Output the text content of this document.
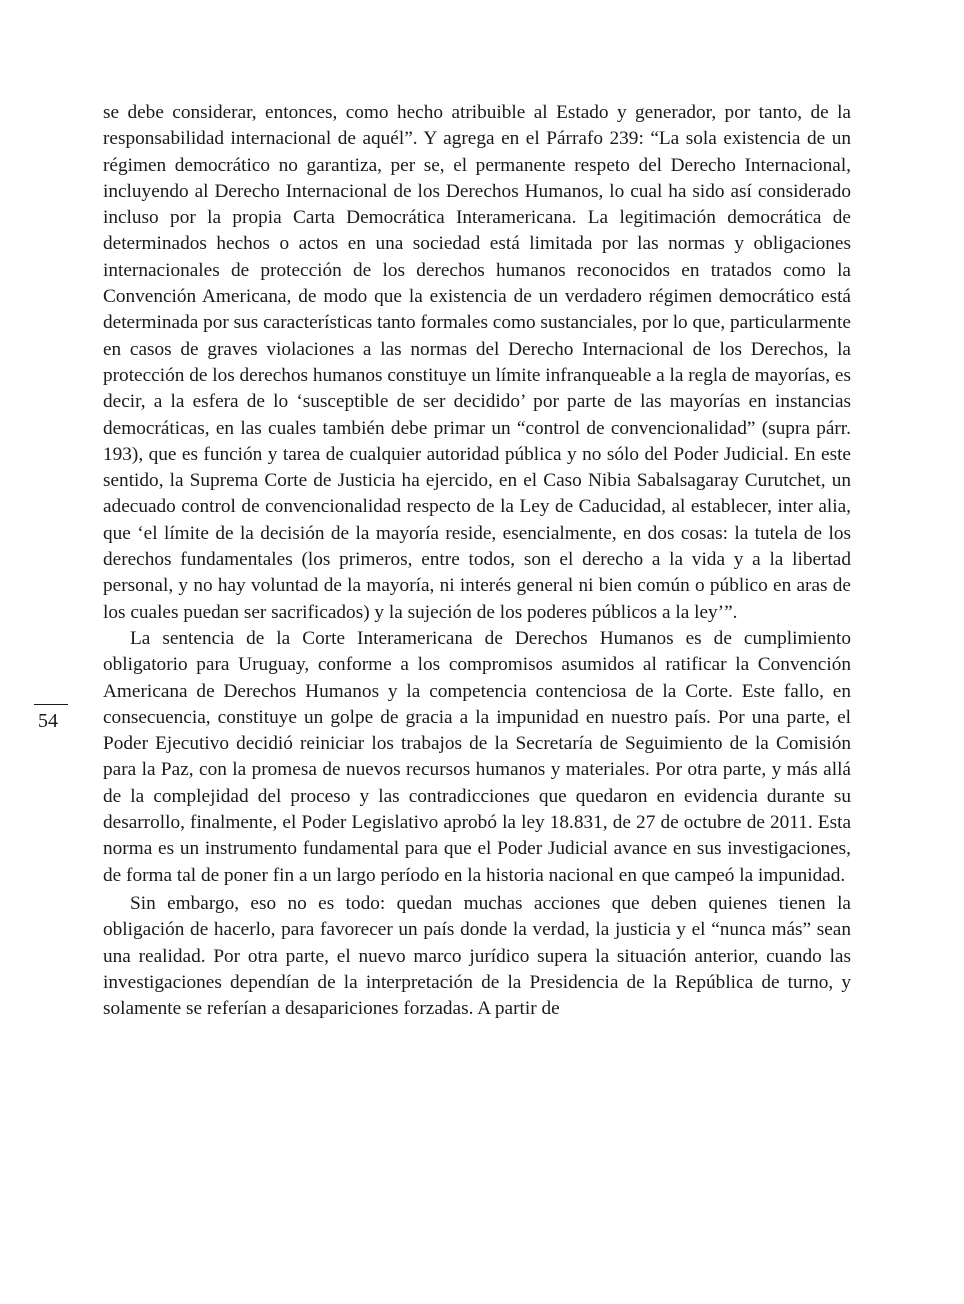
54

se debe considerar, entonces, como hecho atribuible al Estado y generador, por tanto, de la responsabilidad internacional de aquél”. Y agrega en el Párrafo 239: “La sola existencia de un régimen democrático no garantiza, per se, el permanente respeto del Derecho Internacional, incluyendo al Derecho Internacional de los Derechos Humanos, lo cual ha sido así considerado incluso por la propia Carta Democrática Interamericana. La legitimación democrática de determinados hechos o actos en una sociedad está limitada por las normas y obligaciones internacionales de protección de los derechos humanos reconocidos en tratados como la Convención Americana, de modo que la existencia de un verdadero régimen democrático está determinada por sus características tanto formales como sustanciales, por lo que, particularmente en casos de graves violaciones a las normas del Derecho Internacional de los Derechos, la protección de los derechos humanos constituye un límite infranqueable a la regla de mayorías, es decir, a la esfera de lo ‘susceptible de ser decidido’ por parte de las mayorías en instancias democráticas, en las cuales también debe primar un “control de convencionalidad” (supra párr. 193), que es función y tarea de cualquier autoridad pública y no sólo del Poder Judicial. En este sentido, la Suprema Corte de Justicia ha ejercido, en el Caso Nibia Sabalsagaray Curutchet, un adecuado control de convencionalidad respecto de la Ley de Caducidad, al establecer, inter alia, que ‘el límite de la decisión de la mayoría reside, esencialmente, en dos cosas: la tutela de los derechos fundamentales (los primeros, entre todos, son el derecho a la vida y a la libertad personal, y no hay voluntad de la mayoría, ni interés general ni bien común o público en aras de los cuales puedan ser sacrificados) y la sujeción de los poderes públicos a la ley’”.

La sentencia de la Corte Interamericana de Derechos Humanos es de cumplimiento obligatorio para Uruguay, conforme a los compromisos asumidos al ratificar la Convención Americana de Derechos Humanos y la competencia contenciosa de la Corte. Este fallo, en consecuencia, constituye un golpe de gracia a la impunidad en nuestro país. Por una parte, el Poder Ejecutivo decidió reiniciar los trabajos de la Secretaría de Seguimiento de la Comisión para la Paz, con la promesa de nuevos recursos humanos y materiales. Por otra parte, y más allá de la complejidad del proceso y las contradicciones que quedaron en evidencia durante su desarrollo, finalmente, el Poder Legislativo aprobó la ley 18.831, de 27 de octubre de 2011. Esta norma es un instrumento fundamental para que el Poder Judicial avance en sus investigaciones, de forma tal de poner fin a un largo período en la historia nacional en que campeó la impunidad.

Sin embargo, eso no es todo: quedan muchas acciones que deben quienes tienen la obligación de hacerlo, para favorecer un país donde la verdad, la justicia y el “nunca más” sean una realidad. Por otra parte, el nuevo marco jurídico supera la situación anterior, cuando las investigaciones dependían de la interpretación de la Presidencia de la República de turno, y solamente se referían a desapariciones forzadas. A partir de
